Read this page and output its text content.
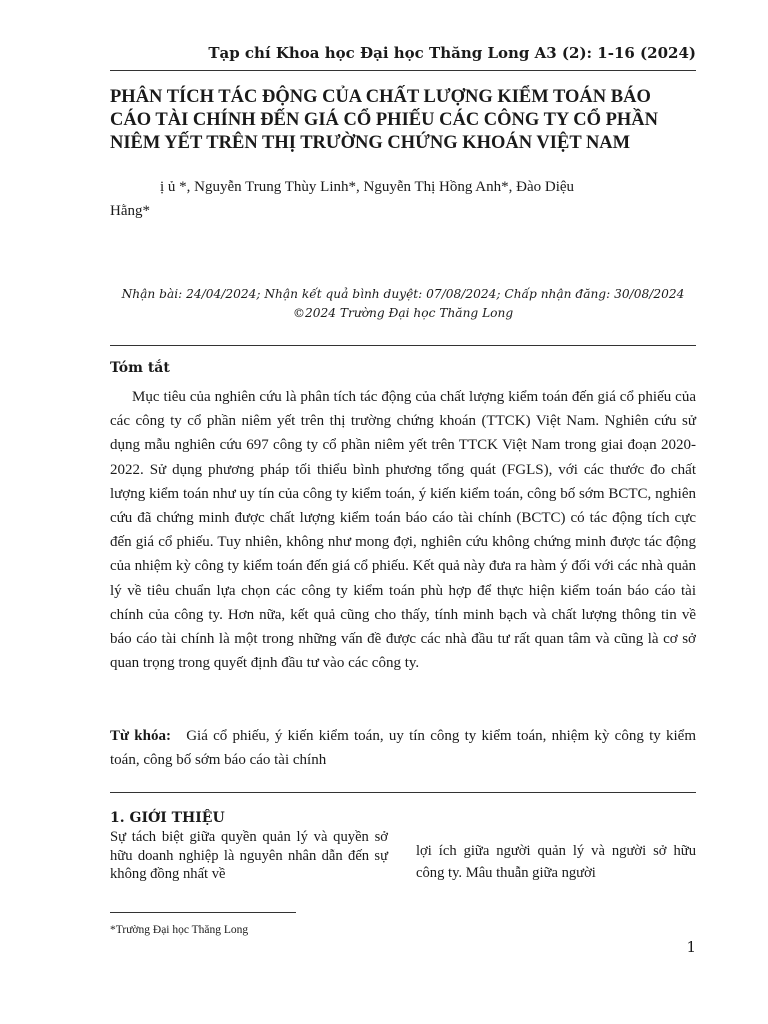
Tạp chí Khoa học Đại học Thăng Long A3 (2): 1-16 (2024)
PHÂN TÍCH TÁC ĐỘNG CỦA CHẤT LƯỢNG KIỂM TOÁN BÁO CÁO TÀI CHÍNH ĐẾN GIÁ CỔ PHIẾU CÁC CÔNG TY CỔ PHẦN NIÊM YẾT TRÊN THỊ TRƯỜNG CHỨNG KHOÁN VIỆT NAM
ị ủ *, Nguyễn Trung Thùy Linh*, Nguyễn Thị Hồng Anh*, Đào Diệu
Hằng*
Nhận bài: 24/04/2024; Nhận kết quả bình duyệt: 07/08/2024; Chấp nhận đăng: 30/08/2024
©2024 Trường Đại học Thăng Long
Tóm tắt

Mục tiêu của nghiên cứu là phân tích tác động của chất lượng kiểm toán đến giá cổ phiếu của các công ty cổ phần niêm yết trên thị trường chứng khoán (TTCK) Việt Nam. Nghiên cứu sử dụng mẫu nghiên cứu 697 công ty cổ phần niêm yết trên TTCK Việt Nam trong giai đoạn 2020-2022. Sử dụng phương pháp tối thiểu bình phương tổng quát (FGLS), với các thước đo chất lượng kiểm toán như uy tín của công ty kiểm toán, ý kiến kiểm toán, công bố sớm BCTC, nghiên cứu đã chứng minh được chất lượng kiểm toán báo cáo tài chính (BCTC) có tác động tích cực đến giá cổ phiếu. Tuy nhiên, không như mong đợi, nghiên cứu không chứng minh được tác động của nhiệm kỳ công ty kiểm toán đến giá cổ phiếu. Kết quả này đưa ra hàm ý đối với các nhà quản lý về tiêu chuẩn lựa chọn các công ty kiểm toán phù hợp để thực hiện kiểm toán báo cáo tài chính của công ty. Hơn nữa, kết quả cũng cho thấy, tính minh bạch và chất lượng thông tin về báo cáo tài chính là một trong những vấn đề được các nhà đầu tư rất quan tâm và cũng là cơ sở quan trọng trong quyết định đầu tư vào các công ty.

Từ khóa: Giá cổ phiếu, ý kiến kiểm toán, uy tín công ty kiểm toán, nhiệm kỳ công ty kiểm toán, công bố sớm báo cáo tài chính

1. GIỚI THIỆU

Sự tách biệt giữa quyền quản lý và quyền sở hữu doanh nghiệp là nguyên nhân dẫn đến sự không đồng nhất về

lợi ích giữa người quản lý và người sở hữu công ty. Mâu thuẫn giữa người

*Trường Đại học Thăng Long
1
